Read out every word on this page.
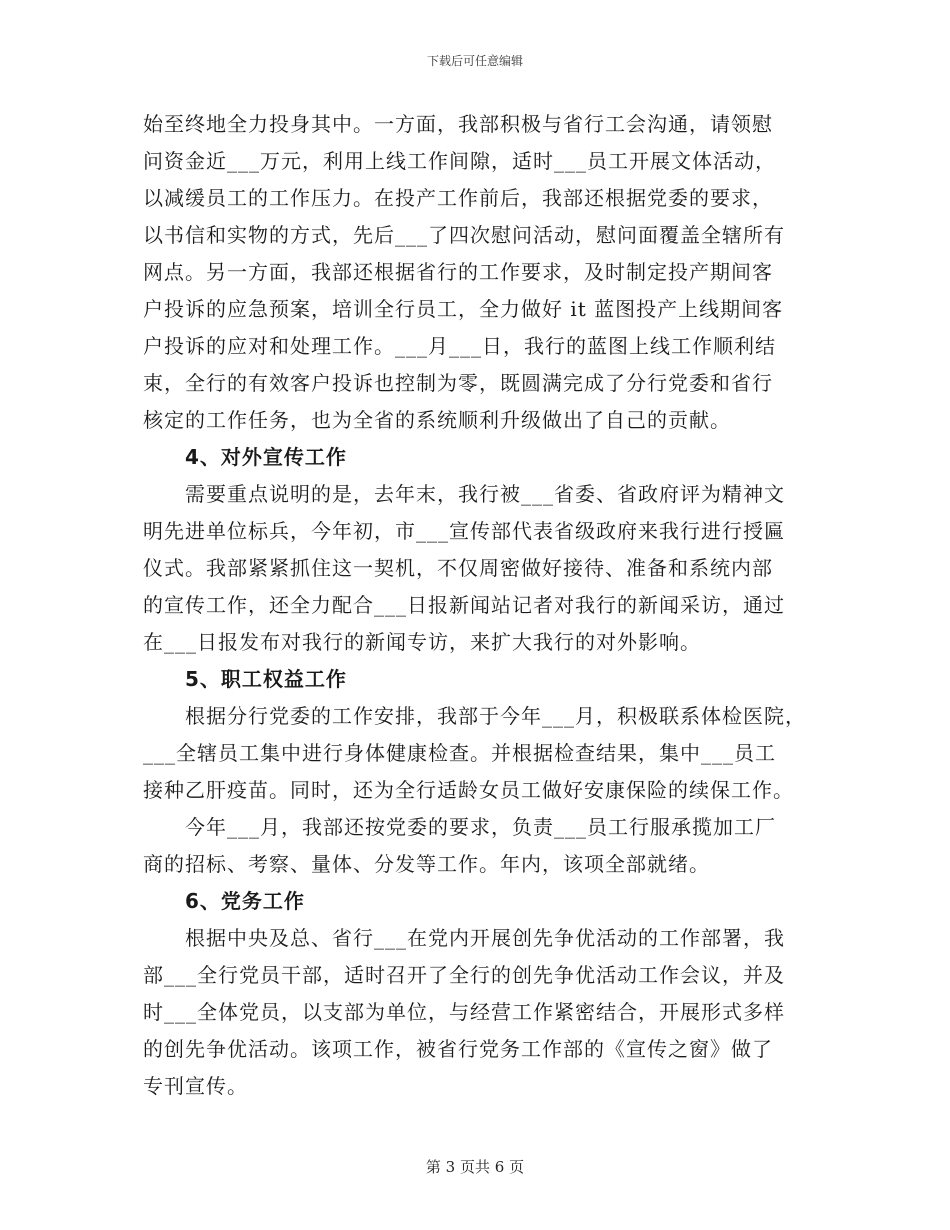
下载后可任意编辑
始至终地全力投身其中。一方面，我部积极与省行工会沟通，请领慰
问资金近___万元，利用上线工作间隙，适时___员工开展文体活动，
以减缓员工的工作压力。在投产工作前后，我部还根据党委的要求，
以书信和实物的方式，先后___了四次慰问活动，慰问面覆盖全辖所有
网点。另一方面，我部还根据省行的工作要求，及时制定投产期间客
户投诉的应急预案，培训全行员工，全力做好 it 蓝图投产上线期间客
户投诉的应对和处理工作。___月___日，我行的蓝图上线工作顺利结
束，全行的有效客户投诉也控制为零，既圆满完成了分行党委和省行
核定的工作任务，也为全省的系统顺利升级做出了自己的贡献。
4、对外宣传工作
需要重点说明的是，去年末，我行被___省委、省政府评为精神文
明先进单位标兵，今年初，市___宣传部代表省级政府来我行进行授匾
仪式。我部紧紧抓住这一契机，不仅周密做好接待、准备和系统内部
的宣传工作，还全力配合___日报新闻站记者对我行的新闻采访，通过
在___日报发布对我行的新闻专访，来扩大我行的对外影响。
5、职工权益工作
根据分行党委的工作安排，我部于今年___月，积极联系体检医院，
___全辖员工集中进行身体健康检查。并根据检查结果，集中___员工
接种乙肝疫苗。同时，还为全行适龄女员工做好安康保险的续保工作。
今年___月，我部还按党委的要求，负责___员工行服承揽加工厂
商的招标、考察、量体、分发等工作。年内，该项全部就绪。
6、党务工作
根据中央及总、省行___在党内开展创先争优活动的工作部署，我
部___全行党员干部，适时召开了全行的创先争优活动工作会议，并及
时___全体党员，以支部为单位，与经营工作紧密结合，开展形式多样
的创先争优活动。该项工作，被省行党务工作部的《宣传之窗》做了
专刊宣传。
第 3 页共 6 页
